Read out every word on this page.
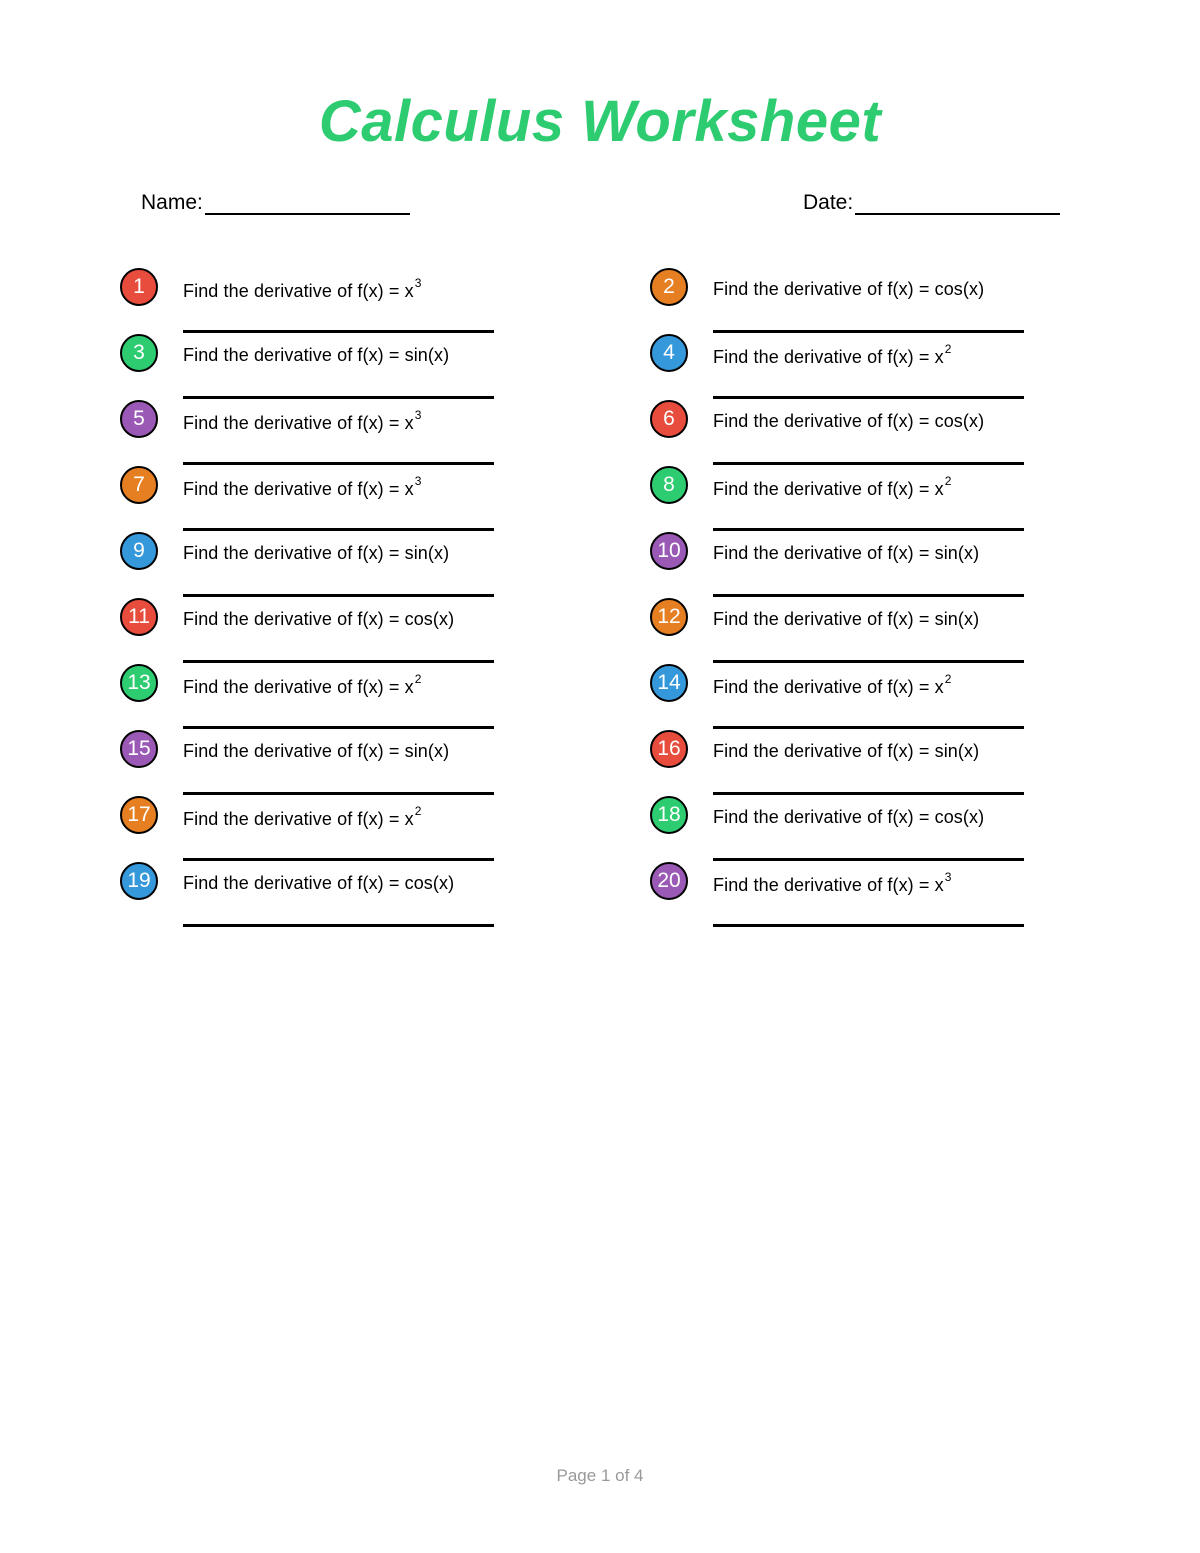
Calculus Worksheet
Name:	Date:
1	Find the derivative of $f(x) = x^3$	2	Find the derivative of f(x) = cos(x)
3	Find the derivative of f(x) = sin(x)	4	Find the derivative of $f(x) = x^2$
5	Find the derivative of $f(x) = x^3$	6	Find the derivative of f(x) = cos(x)
7	Find the derivative of $f(x) = x^3$	8	Find the derivative of $f(x) = x^2$
9	Find the derivative of f(x) = sin(x)	10	Find the derivative of f(x) = sin(x)
11	Find the derivative of f(x) = cos(x)	12	Find the derivative of f(x) = sin(x)
13	Find the derivative of $f(x) = x^2$	14	Find the derivative of $f(x) = x^2$
15	Find the derivative of f(x) = sin(x)	16	Find the derivative of f(x) = sin(x)
17	Find the derivative of $f(x) = x^2$	18	Find the derivative of f(x) = cos(x)
19	Find the derivative of f(x) = cos(x)	20	Find the derivative of $f(x) = x^3$
Page 1 of 4
